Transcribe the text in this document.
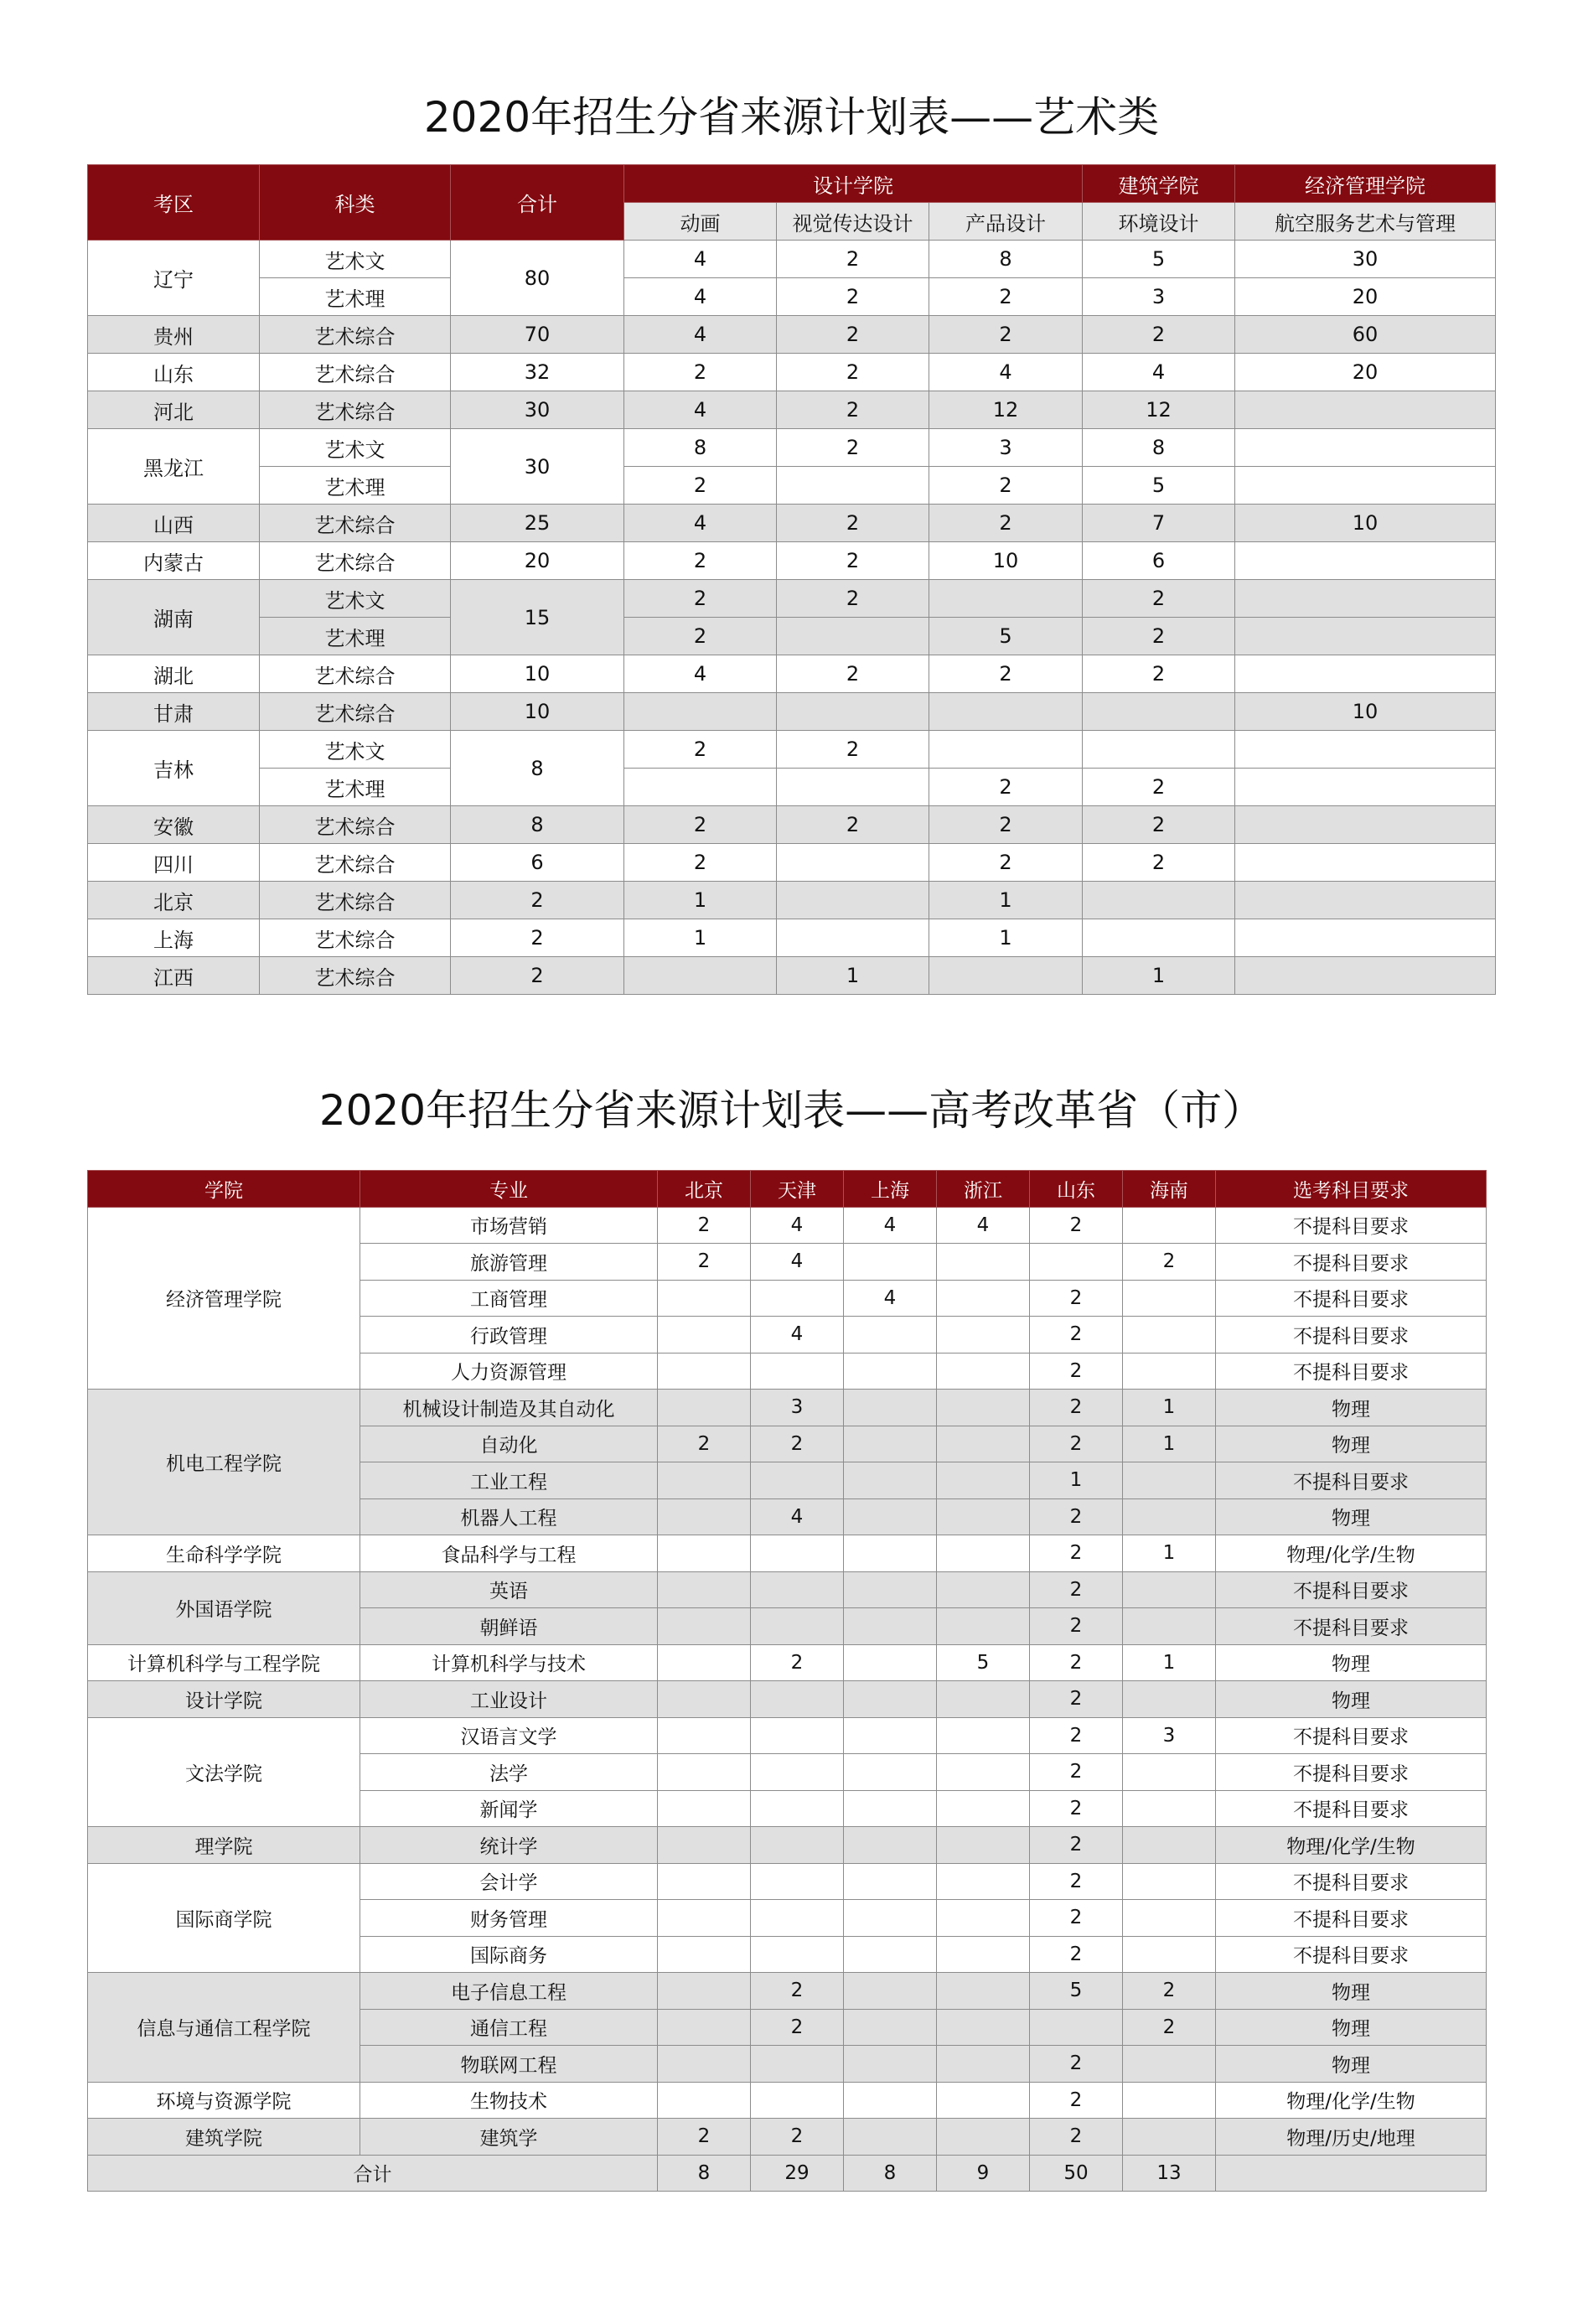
2020年招生分省来源计划表——艺术类
考区	科类	合计	设计学院			建筑学院	经济管理学院
			动画	视觉传达设计	产品设计	环境设计	航空服务艺术与管理
辽宁	艺术文	80	4	2	8	5	30
	艺术理		4	2	2	3	20
贵州	艺术综合	70	4	2	2	2	60
山东	艺术综合	32	2	2	4	4	20
河北	艺术综合	30	4	2	12	12	
黑龙江	艺术文	30	8	2	3	8	
	艺术理		2		2	5	
山西	艺术综合	25	4	2	2	7	10
内蒙古	艺术综合	20	2	2	10	6	
湖南	艺术文	15	2	2		2	
	艺术理		2		5	2	
湖北	艺术综合	10	4	2	2	2	
甘肃	艺术综合	10					10
吉林	艺术文	8	2	2			
	艺术理				2	2	
安徽	艺术综合	8	2	2	2	2	
四川	艺术综合	6	2		2	2	
北京	艺术综合	2	1		1		
上海	艺术综合	2	1		1		
江西	艺术综合	2		1		1	
2020年招生分省来源计划表——高考改革省（市）
学院	专业	北京	天津	上海	浙江	山东	海南	选考科目要求
经济管理学院	市场营销	2	4	4	4	2		不提科目要求
	旅游管理	2	4				2	不提科目要求
	工商管理			4		2		不提科目要求
	行政管理		4			2		不提科目要求
	人力资源管理					2		不提科目要求
机电工程学院	机械设计制造及其自动化		3			2	1	物理
	自动化	2	2			2	1	物理
	工业工程					1		不提科目要求
	机器人工程		4			2		物理
生命科学学院	食品科学与工程					2	1	物理/化学/生物
外国语学院	英语					2		不提科目要求
	朝鲜语					2		不提科目要求
计算机科学与工程学院	计算机科学与技术		2		5	2	1	物理
设计学院	工业设计					2		物理
文法学院	汉语言文学					2	3	不提科目要求
	法学					2		不提科目要求
	新闻学					2		不提科目要求
理学院	统计学					2		物理/化学/生物
国际商学院	会计学					2		不提科目要求
	财务管理					2		不提科目要求
	国际商务					2		不提科目要求
信息与通信工程学院	电子信息工程		2			5	2	物理
	通信工程		2				2	物理
	物联网工程					2		物理
环境与资源学院	生物技术					2		物理/化学/生物
建筑学院	建筑学	2	2			2		物理/历史/地理
合计		8	29	8	9	50	13	
